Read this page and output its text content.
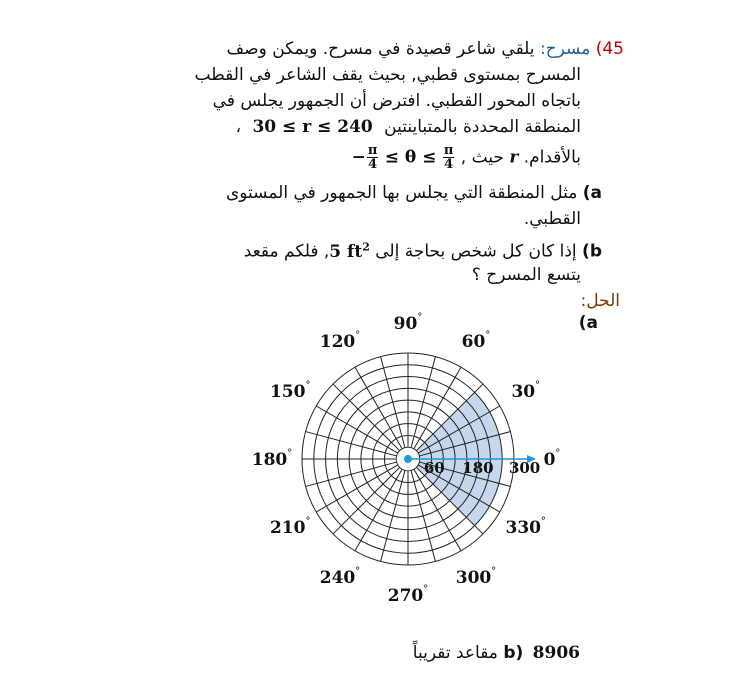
45) مسرح: يلقي شاعر قصيدة في مسرح. ويمكن وصف
المسرح بمستوى قطبي, بحيث يقف الشاعر في القطب
باتجاه المحور القطبي. افترض أن الجمهور يجلس في
المنطقة المحددة بالمتباينتين 30 ≤ r ≤ 240 ،
بالأقدام. r حيث , − $\frac{\pi}{4} \le \theta \le \frac{\pi}{4}$
a) مثل المنطقة التي يجلس بها الجمهور في المستوى
القطبي.
b) إذا كان كل شخص بحاجة إلى 5 $ft^2$, فلكم مقعد
يتسع المسرح ؟
الحل:
(a
0°
30°
60°
90°
120°
150°
180°
210°
240°
270°
300°
330°
60 180 300
b) 8906 مقاعد تقريباً
